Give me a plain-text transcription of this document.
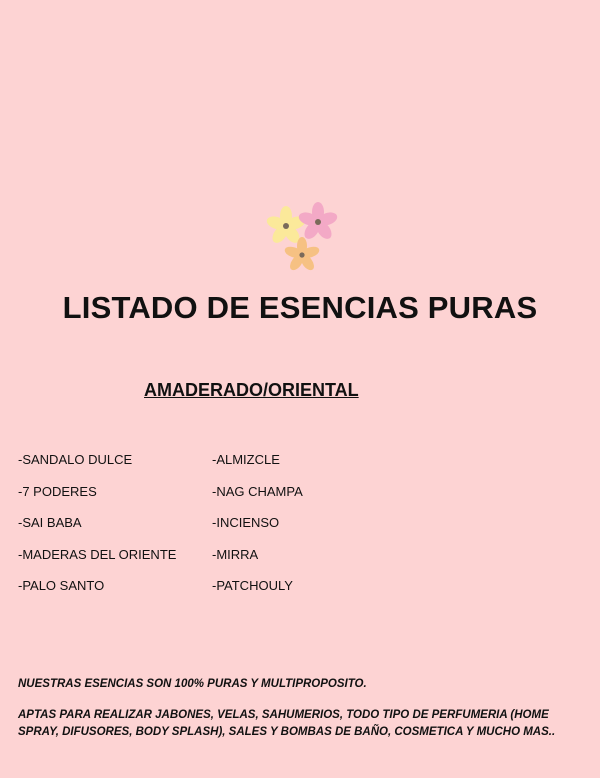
LISTADO DE ESENCIAS PURAS
AMADERADO/ORIENTAL
-SANDALO DULCE
-7 PODERES
-SAI BABA
-MADERAS DEL ORIENTE
-PALO SANTO
-ALMIZCLE
-NAG CHAMPA
-INCIENSO
-MIRRA
-PATCHOULY

NUESTRAS ESENCIAS SON 100% PURAS Y MULTIPROPOSITO.

APTAS PARA REALIZAR JABONES, VELAS, SAHUMERIOS, TODO TIPO DE PERFUMERIA (HOME SPRAY, DIFUSORES, BODY SPLASH), SALES Y BOMBAS DE BAÑO, COSMETICA Y MUCHO MAS..
